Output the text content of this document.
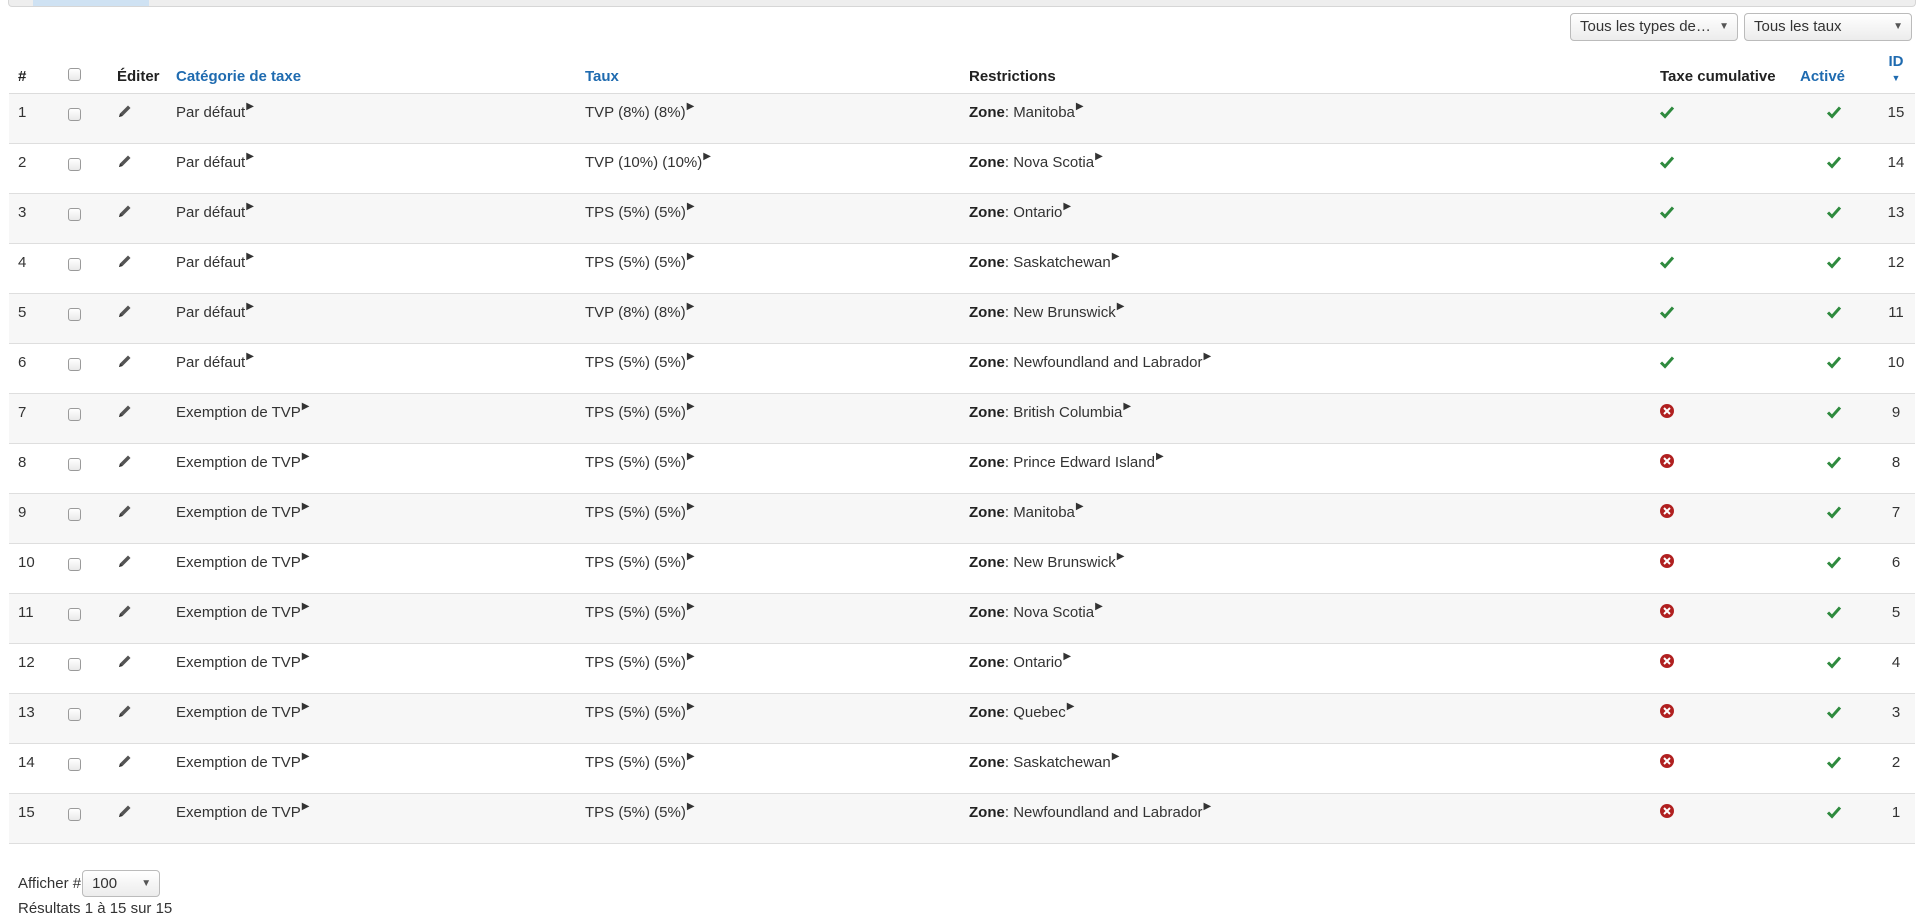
Tous les types de… ▼	Tous les taux	▼
#		Éditer	Catégorie de taxe	Taux	Restrictions	Taxe cumulative	Activé	ID
▼

1			Par défaut▶	TVP (8%) (8%)▶	Zone: Manitoba▶			15
2			Par défaut▶	TVP (10%) (10%)▶	Zone: Nova Scotia▶			14
3			Par défaut▶	TPS (5%) (5%)▶	Zone: Ontario▶			13
4			Par défaut▶	TPS (5%) (5%)▶	Zone: Saskatchewan▶			12
5			Par défaut▶	TVP (8%) (8%)▶	Zone: New Brunswick▶			11
6			Par défaut▶	TPS (5%) (5%)▶	Zone: Newfoundland and Labrador▶			10
7			Exemption de TVP▶	TPS (5%) (5%)▶	Zone: British Columbia▶			9
8			Exemption de TVP▶	TPS (5%) (5%)▶	Zone: Prince Edward Island▶			8
9			Exemption de TVP▶	TPS (5%) (5%)▶	Zone: Manitoba▶			7
10			Exemption de TVP▶	TPS (5%) (5%)▶	Zone: New Brunswick▶			6
11			Exemption de TVP▶	TPS (5%) (5%)▶	Zone: Nova Scotia▶			5
12			Exemption de TVP▶	TPS (5%) (5%)▶	Zone: Ontario▶			4
13			Exemption de TVP▶	TPS (5%) (5%)▶	Zone: Quebec▶			3
14			Exemption de TVP▶	TPS (5%) (5%)▶	Zone: Saskatchewan▶			2
15			Exemption de TVP▶	TPS (5%) (5%)▶	Zone: Newfoundland and Labrador▶			1
Afficher # 100 ▼
Résultats 1 à 15 sur 15
